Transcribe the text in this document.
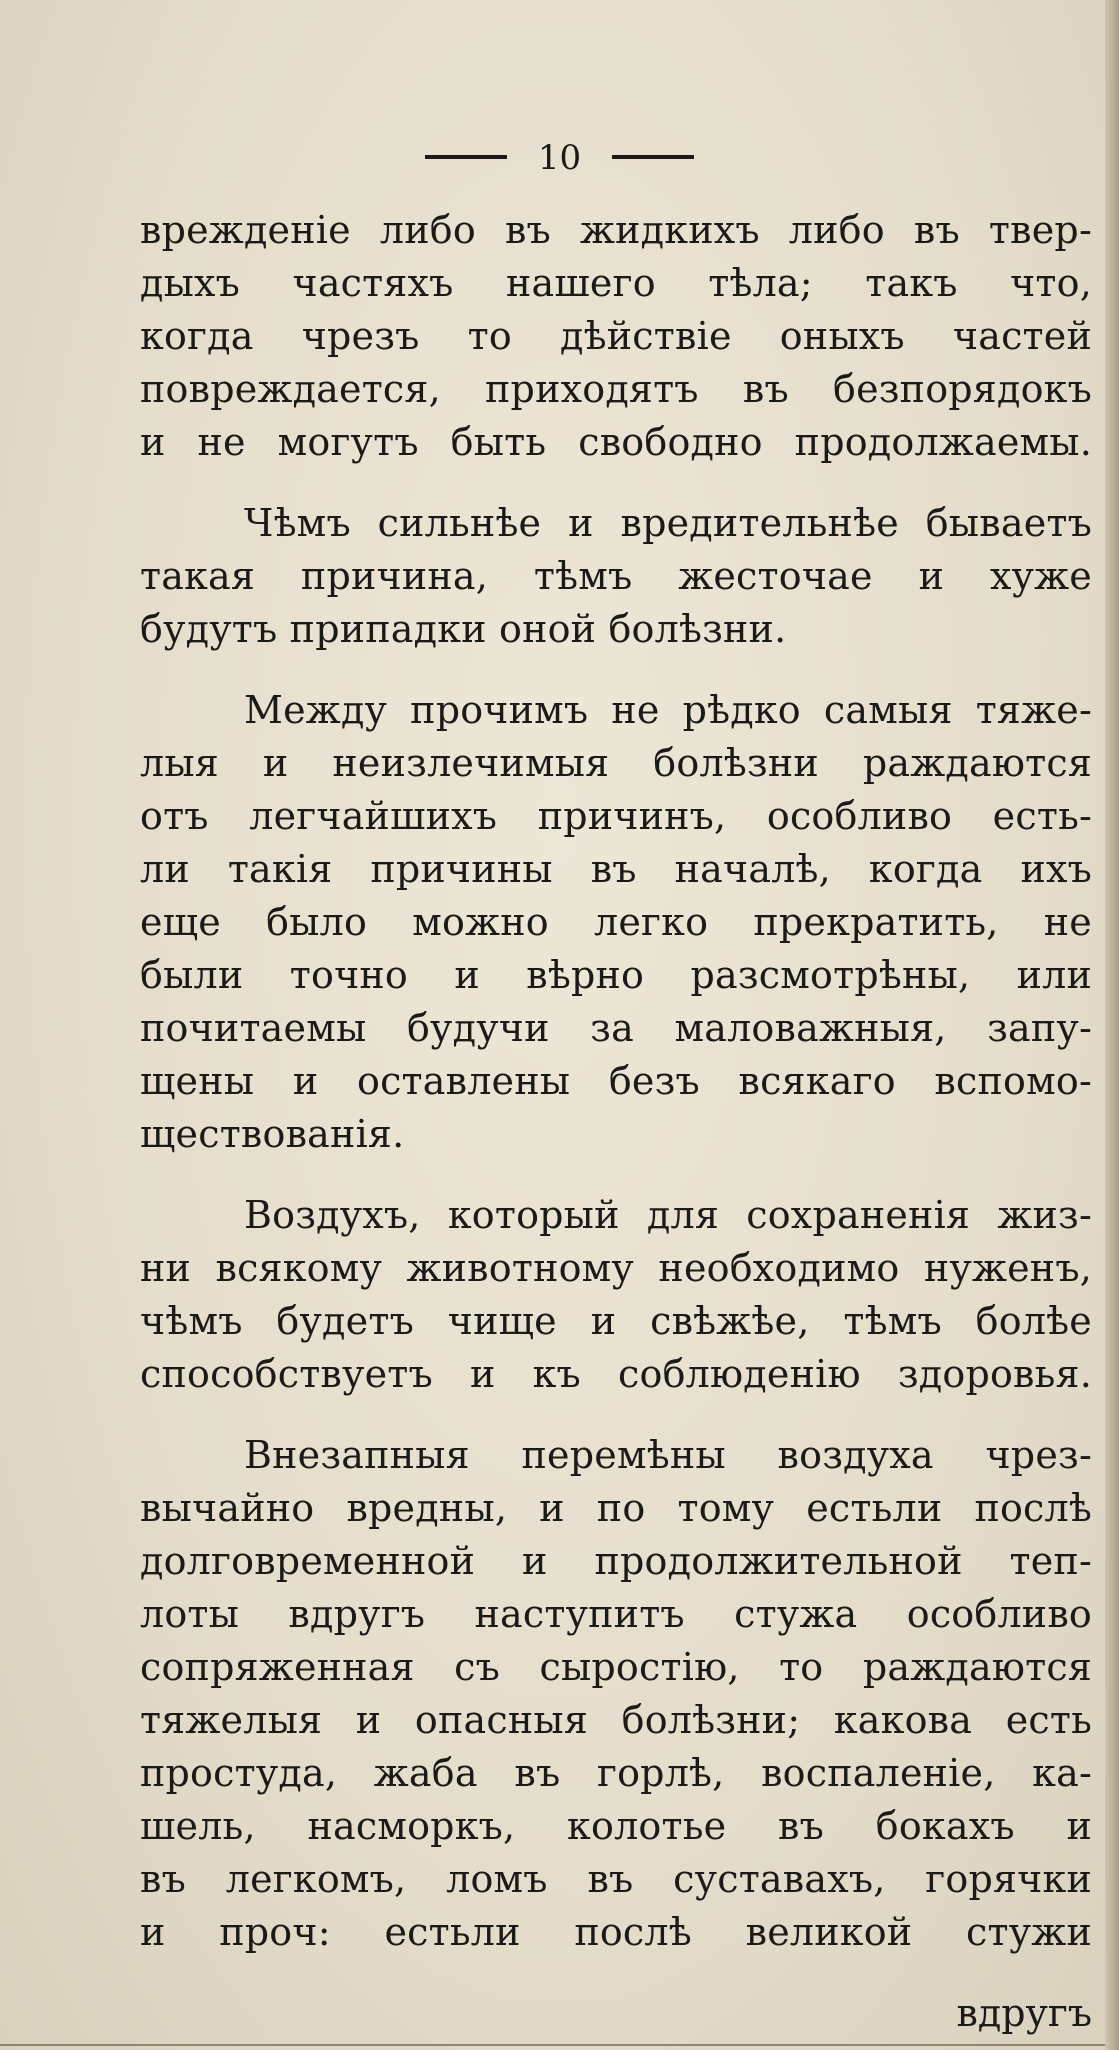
10
врежденiе либо въ жидкихъ либо въ твер-
дыхъ частяхъ нашего тѣла; такъ что,
когда чрезъ то дѣйствiе оныхъ частей
повреждается, приходятъ въ безпорядокъ
и не могутъ быть свободно продолжаемы.
Чѣмъ сильнѣе и вредительнѣе бываетъ
такая причина, тѣмъ жесточае и хуже
будутъ припадки оной болѣзни.
Между прочимъ не рѣдко самыя тяже-
лыя и неизлечимыя болѣзни раждаются
отъ легчайшихъ причинъ, особливо есть-
ли такiя причины въ началѣ, когда ихъ
еще было можно легко прекратить, не
были точно и вѣрно разсмотрѣны, или
почитаемы будучи за маловажныя, запу-
щены и оставлены безъ всякаго вспомо-
ществованiя.
Воздухъ, который для сохраненiя жиз-
ни всякому животному необходимо нуженъ,
чѣмъ будетъ чище и свѣжѣе, тѣмъ болѣе
способствуетъ и къ соблюденiю здоровья.
Внезапныя перемѣны воздуха чрез-
вычайно вредны, и по тому естьли послѣ
долговременной и продолжительной теп-
лоты вдругъ наступитъ стужа особливо
сопряженная съ сыростiю, то раждаются
тяжелыя и опасныя болѣзни; какова есть
простуда, жаба въ горлѣ, воспаленiе, ка-
шель, насморкъ, колотье въ бокахъ и
въ легкомъ, ломъ въ суставахъ, горячки
и проч: естьли послѣ великой стужи
вдругъ
